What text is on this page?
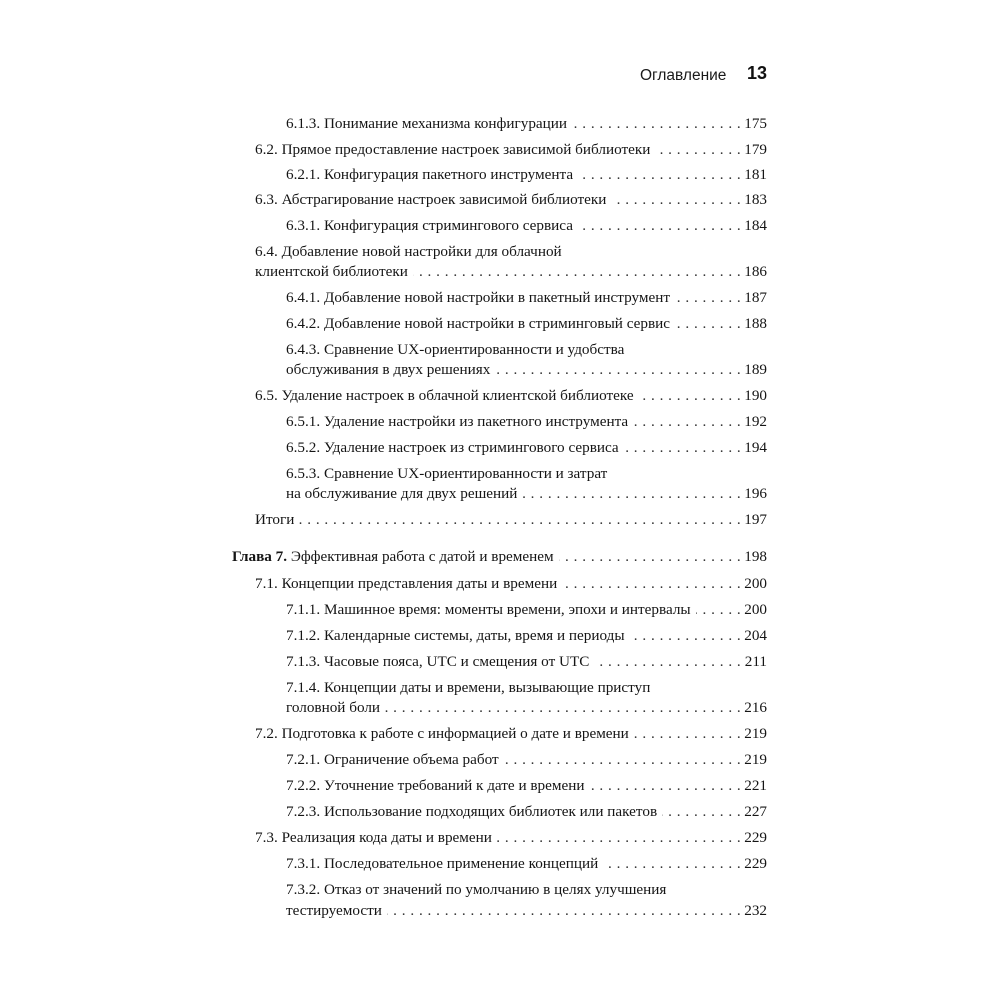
Оглавление 13
. . .
6.1.3. Понимание механизма конфигурации	175
. . .
6.2. Прямое предоставление настроек зависимой библиотеки	179
. . .
6.2.1. Конфигурация пакетного инструмента	181
. . .
6.3. Абстрагирование настроек зависимой библиотеки	183
. . .
6.3.1. Конфигурация стримингового сервиса	184
6.4. Добавление новой настройки для облачной
. . .
клиентской библиотеки	186
. . .
6.4.1. Добавление новой настройки в пакетный инструмент	187
. . .
6.4.2. Добавление новой настройки в стриминговый сервис	188
6.4.3. Сравнение UX-ориентированности и удобства
. . .
обслуживания в двух решениях	189
. . .
6.5. Удаление настроек в облачной клиентской библиотеке	190
. . .
6.5.1. Удаление настройки из пакетного инструмента	192
. . .
6.5.2. Удаление настроек из стримингового сервиса	194
6.5.3. Сравнение UX-ориентированности и затрат
. . .
на обслуживание для двух решений	196
. . .
Итоги	197
. . .
Глава 7. Эффективная работа с датой и временем	198
. . .
7.1. Концепции представления даты и времени	200
. . .
7.1.1. Машинное время: моменты времени, эпохи и интервалы	200
. . .
7.1.2. Календарные системы, даты, время и периоды	204
. . .
7.1.3. Часовые пояса, UTC и смещения от UTC	211
7.1.4. Концепции даты и времени, вызывающие приступ
. . .
головной боли	216
. . .
7.2. Подготовка к работе с информацией о дате и времени	219
. . .
7.2.1. Ограничение объема работ	219
. . .
7.2.2. Уточнение требований к дате и времени	221
. . .
7.2.3. Использование подходящих библиотек или пакетов	227
. . .
7.3. Реализация кода даты и времени	229
. . .
7.3.1. Последовательное применение концепций	229
7.3.2. Отказ от значений по умолчанию в целях улучшения
. . .
тестируемости	232
